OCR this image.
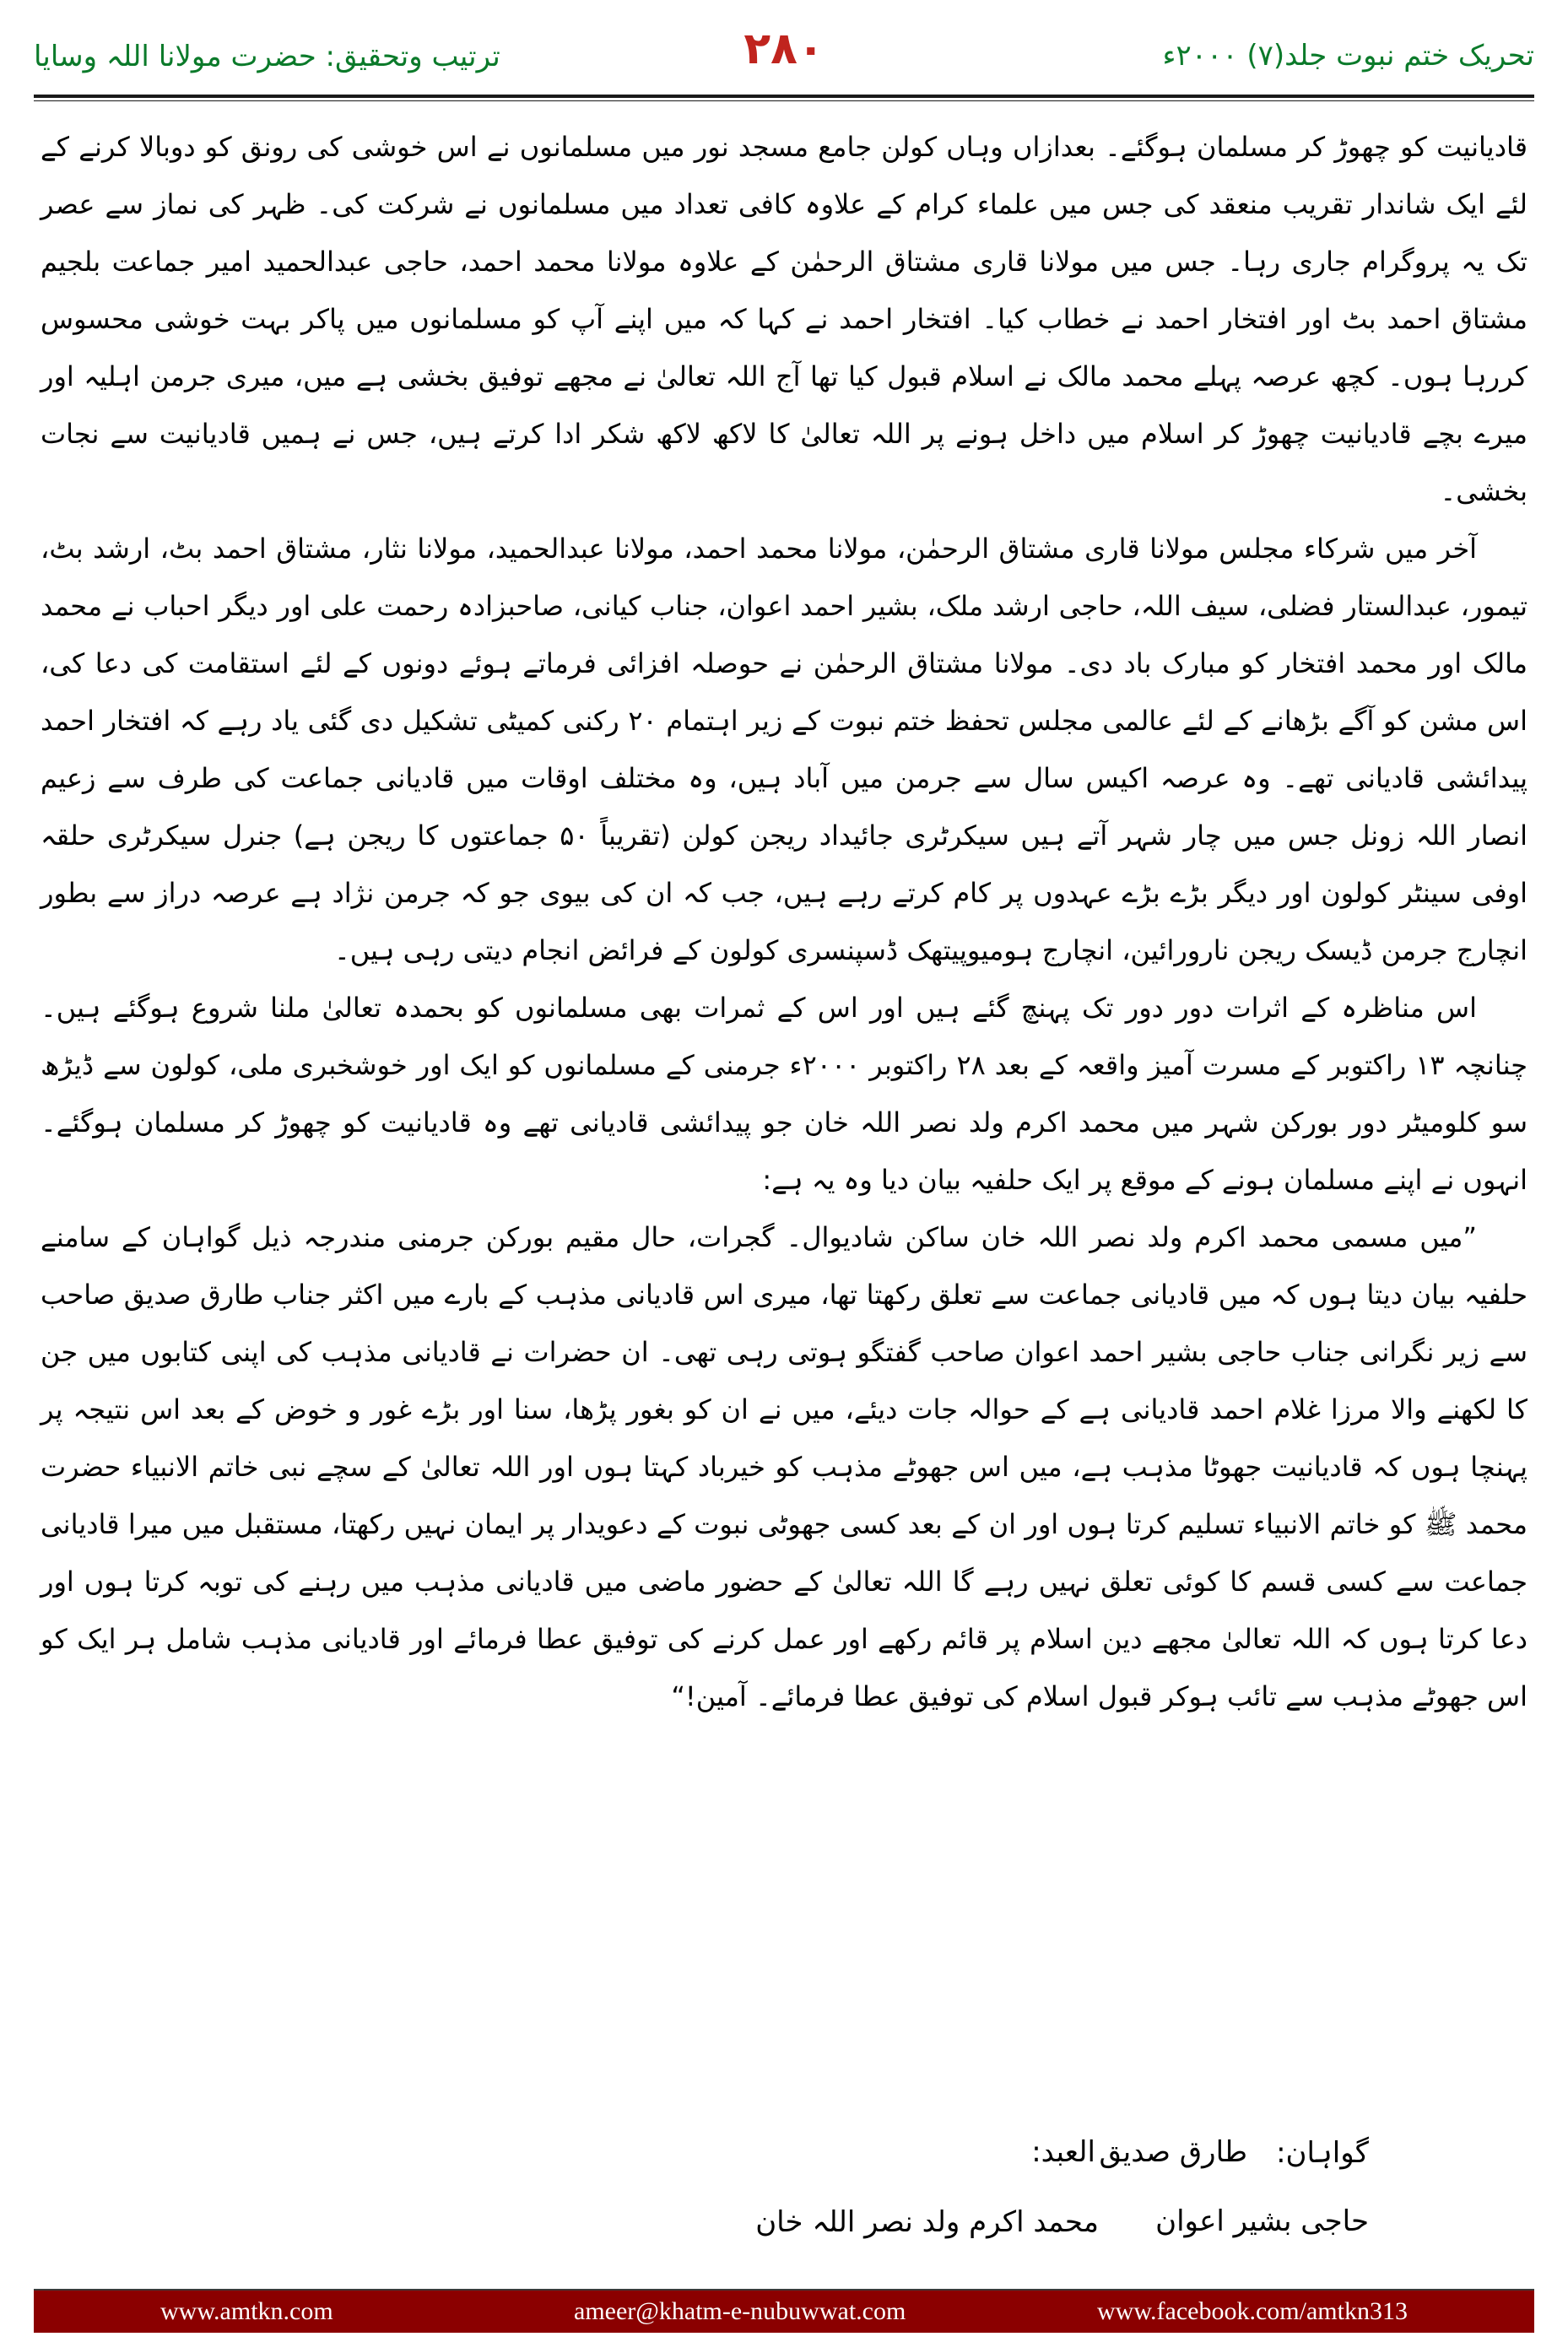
ترتیب وتحقیق: حضرت مولانا اللہ وسایا	۲۸۰	تحریک ختم نبوت جلد(۷) ۲۰۰۰ء

قادیانیت کو چھوڑ کر مسلمان ہوگئے۔ بعدازاں وہاں کولن جامع مسجد نور میں مسلمانوں نے اس خوشی کی رونق کو دوبالا کرنے کے لئے ایک شاندار تقریب منعقد کی جس میں علماء کرام کے علاوہ کافی تعداد میں مسلمانوں نے شرکت کی۔ ظہر کی نماز سے عصر تک یہ پروگرام جاری رہا۔ جس میں مولانا قاری مشتاق الرحمٰن کے علاوہ مولانا محمد احمد، حاجی عبدالحمید امیر جماعت بلجیم مشتاق احمد بٹ اور افتخار احمد نے خطاب کیا۔ افتخار احمد نے کہا کہ میں اپنے آپ کو مسلمانوں میں پاکر بہت خوشی محسوس کررہا ہوں۔ کچھ عرصہ پہلے محمد مالک نے اسلام قبول کیا تھا آج اللہ تعالیٰ نے مجھے توفیق بخشی ہے میں، میری جرمن اہلیہ اور میرے بچے قادیانیت چھوڑ کر اسلام میں داخل ہونے پر اللہ تعالیٰ کا لاکھ لاکھ شکر ادا کرتے ہیں، جس نے ہمیں قادیانیت سے نجات بخشی۔

آخر میں شرکاء مجلس مولانا قاری مشتاق الرحمٰن، مولانا محمد احمد، مولانا عبدالحمید، مولانا نثار، مشتاق احمد بٹ، ارشد بٹ، تیمور، عبدالستار فضلی، سیف اللہ، حاجی ارشد ملک، بشیر احمد اعوان، جناب کیانی، صاحبزادہ رحمت علی اور دیگر احباب نے محمد مالک اور محمد افتخار کو مبارک باد دی۔ مولانا مشتاق الرحمٰن نے حوصلہ افزائی فرماتے ہوئے دونوں کے لئے استقامت کی دعا کی، اس مشن کو آگے بڑھانے کے لئے عالمی مجلس تحفظ ختم نبوت کے زیر اہتمام ۲۰ رکنی کمیٹی تشکیل دی گئی یاد رہے کہ افتخار احمد پیدائشی قادیانی تھے۔ وہ عرصہ اکیس سال سے جرمن میں آباد ہیں، وہ مختلف اوقات میں قادیانی جماعت کی طرف سے زعیم انصار اللہ زونل جس میں چار شہر آتے ہیں سیکرٹری جائیداد ریجن کولن (تقریباً ۵۰ جماعتوں کا ریجن ہے) جنرل سیکرٹری حلقہ اوفی سینٹر کولون اور دیگر بڑے بڑے عہدوں پر کام کرتے رہے ہیں، جب کہ ان کی بیوی جو کہ جرمن نژاد ہے عرصہ دراز سے بطور انچارج جرمن ڈیسک ریجن نارورائین، انچارج ہومیوپیتھک ڈسپنسری کولون کے فرائض انجام دیتی رہی ہیں۔

اس مناظرہ کے اثرات دور دور تک پہنچ گئے ہیں اور اس کے ثمرات بھی مسلمانوں کو بحمدہ تعالیٰ ملنا شروع ہوگئے ہیں۔ چنانچہ ۱۳ راکتوبر کے مسرت آمیز واقعہ کے بعد ۲۸ راکتوبر ۲۰۰۰ء جرمنی کے مسلمانوں کو ایک اور خوشخبری ملی، کولون سے ڈیڑھ سو کلومیٹر دور بورکن شہر میں محمد اکرم ولد نصر اللہ خان جو پیدائشی قادیانی تھے وہ قادیانیت کو چھوڑ کر مسلمان ہوگئے۔ انہوں نے اپنے مسلمان ہونے کے موقع پر ایک حلفیہ بیان دیا وہ یہ ہے:

”میں مسمی محمد اکرم ولد نصر اللہ خان ساکن شادیوال۔ گجرات، حال مقیم بورکن جرمنی مندرجہ ذیل گواہان کے سامنے حلفیہ بیان دیتا ہوں کہ میں قادیانی جماعت سے تعلق رکھتا تھا، میری اس قادیانی مذہب کے بارے میں اکثر جناب طارق صدیق صاحب سے زیر نگرانی جناب حاجی بشیر احمد اعوان صاحب گفتگو ہوتی رہی تھی۔ ان حضرات نے قادیانی مذہب کی اپنی کتابوں میں جن کا لکھنے والا مرزا غلام احمد قادیانی ہے کے حوالہ جات دیئے، میں نے ان کو بغور پڑھا، سنا اور بڑے غور و خوض کے بعد اس نتیجہ پر پہنچا ہوں کہ قادیانیت جھوٹا مذہب ہے، میں اس جھوٹے مذہب کو خیرباد کہتا ہوں اور اللہ تعالیٰ کے سچے نبی خاتم الانبیاء حضرت محمد ﷺ کو خاتم الانبیاء تسلیم کرتا ہوں اور ان کے بعد کسی جھوٹی نبوت کے دعویدار پر ایمان نہیں رکھتا، مستقبل میں میرا قادیانی جماعت سے کسی قسم کا کوئی تعلق نہیں رہے گا اللہ تعالیٰ کے حضور ماضی میں قادیانی مذہب میں رہنے کی توبہ کرتا ہوں اور دعا کرتا ہوں کہ اللہ تعالیٰ مجھے دین اسلام پر قائم رکھے اور عمل کرنے کی توفیق عطا فرمائے اور قادیانی مذہب شامل ہر ایک کو اس جھوٹے مذہب سے تائب ہوکر قبول اسلام کی توفیق عطا فرمائے۔ آمین!“

گواہان:
طارق صدیق
العبد:
حاجی بشیر اعوان
محمد اکرم ولد نصر اللہ خان
www.amtkn.com	ameer@khatm-e-nubuwwat.com	www.facebook.com/amtkn313
